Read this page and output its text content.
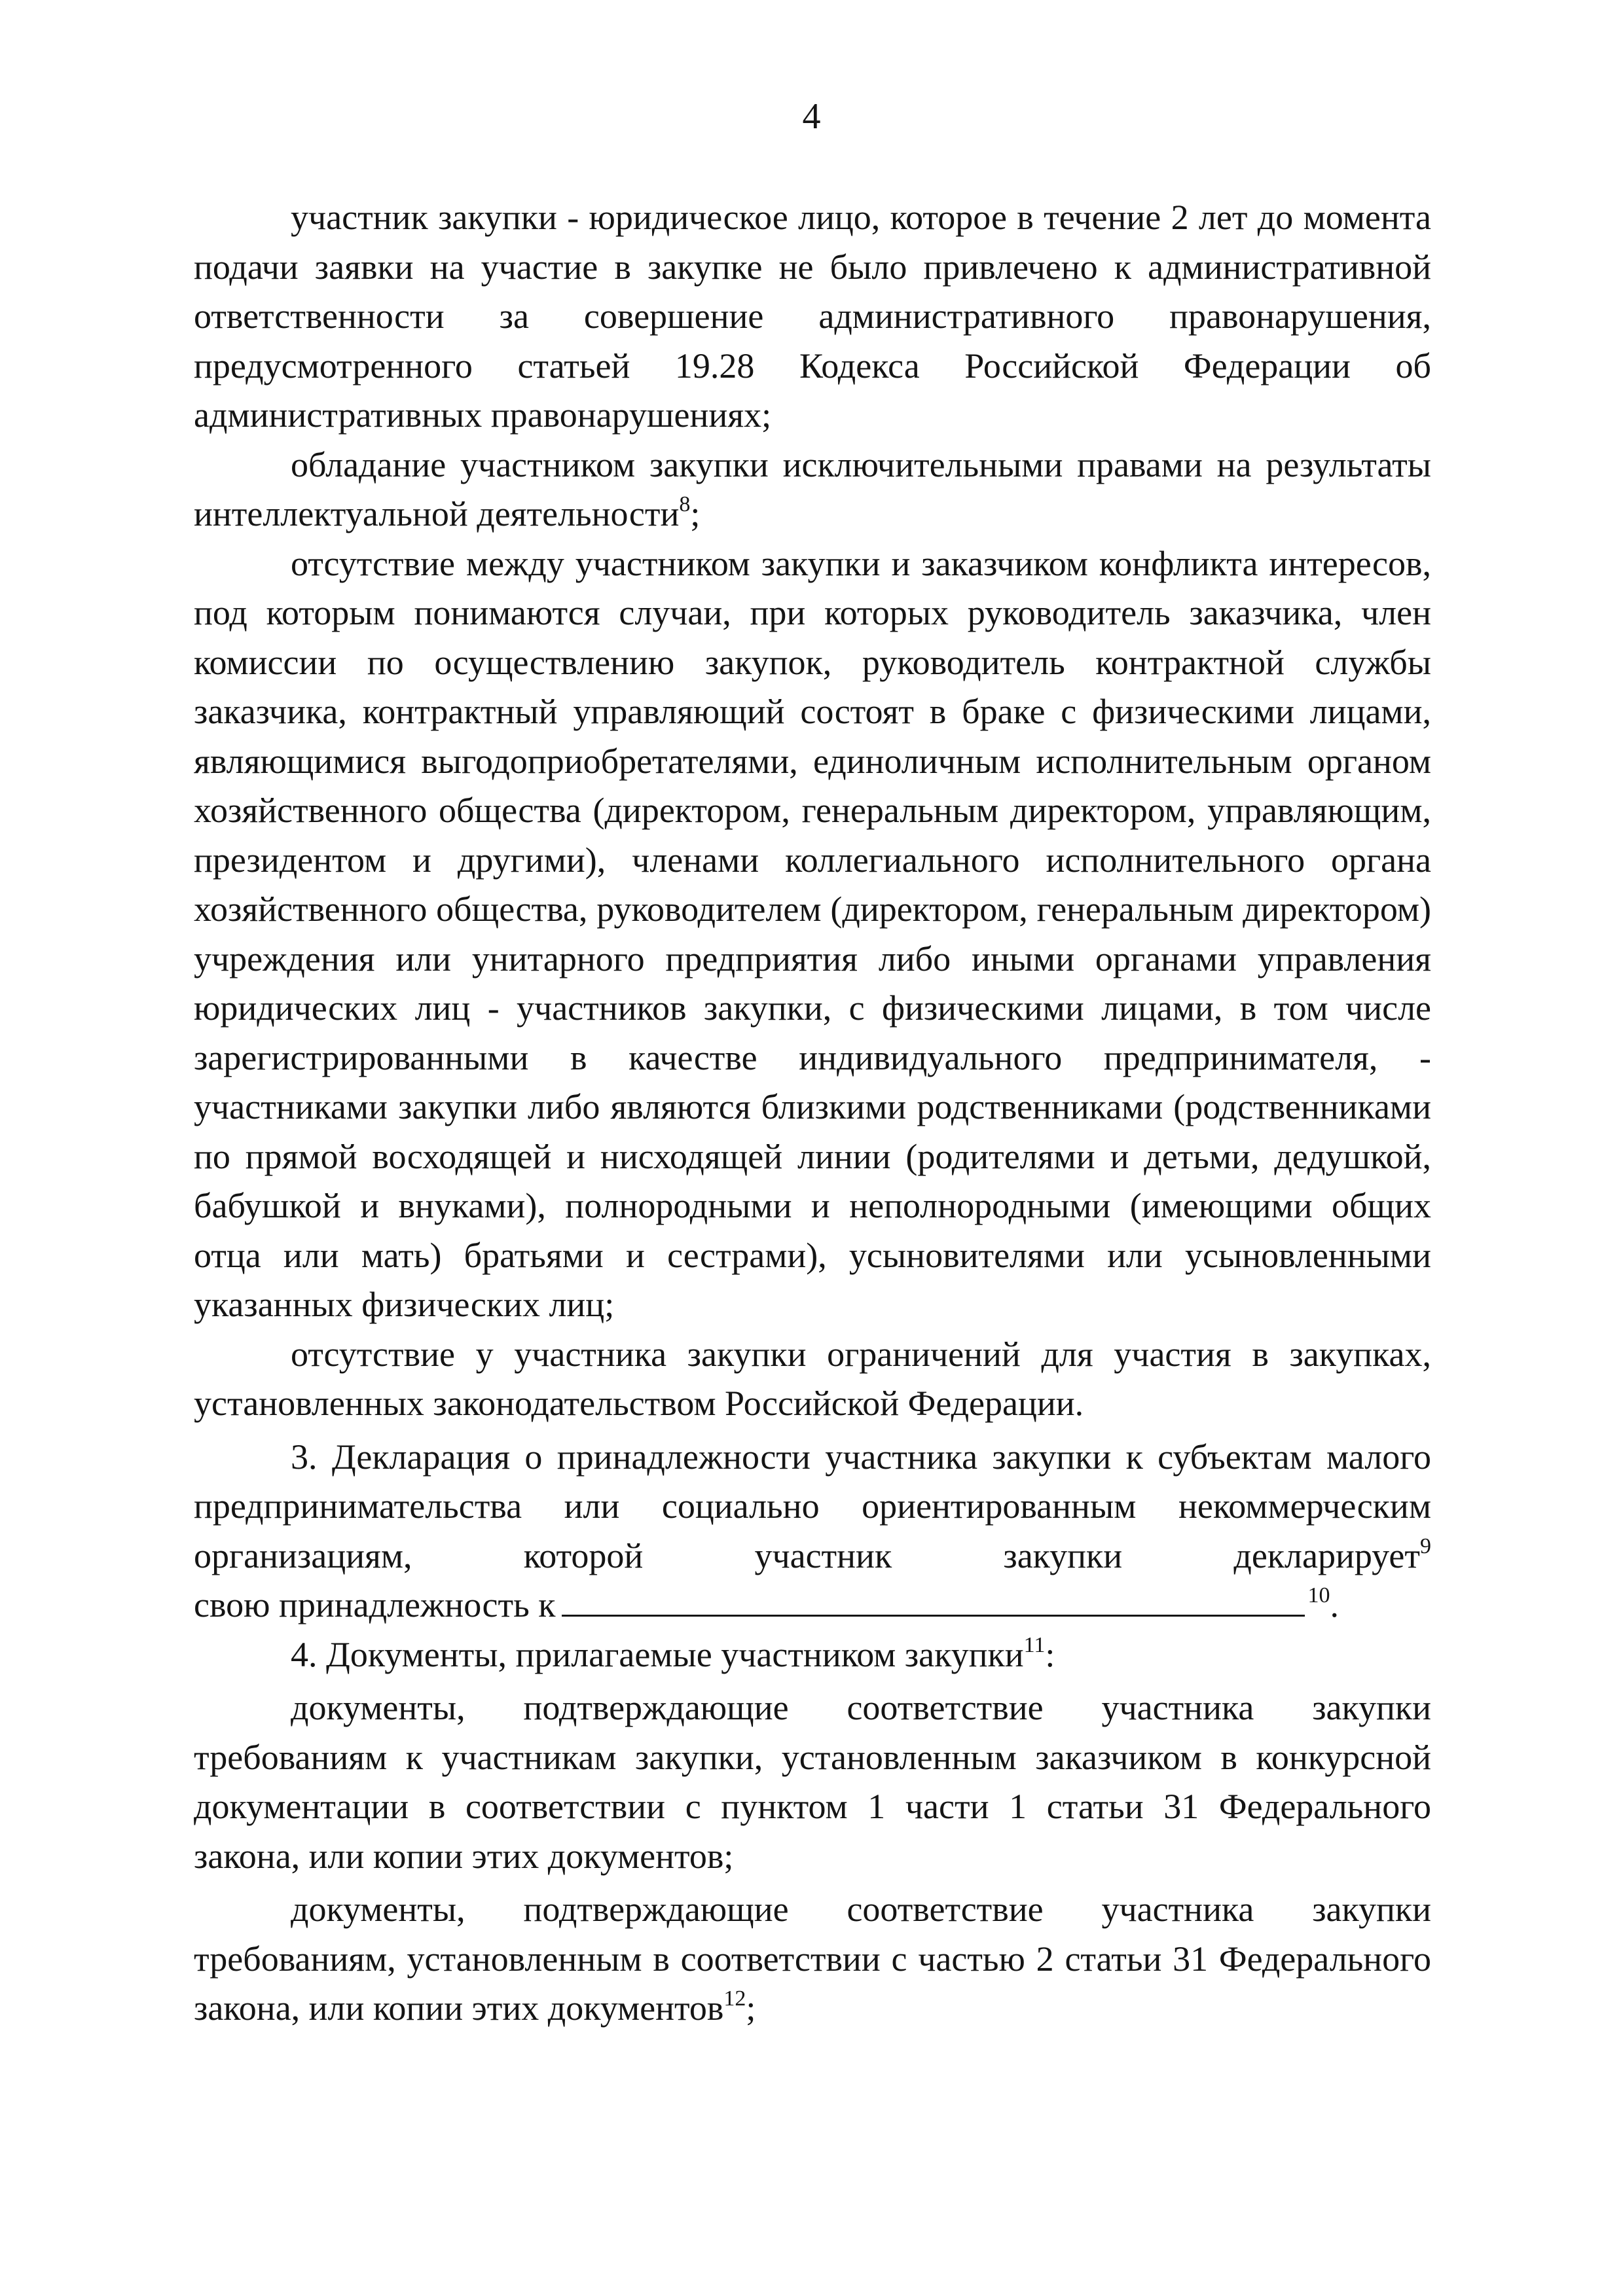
4

участник закупки - юридическое лицо, которое в течение 2 лет до момента подачи заявки на участие в закупке не было привлечено к административной ответственности за совершение административного правонарушения, предусмотренного статьей 19.28 Кодекса Российской Федерации об административных правонарушениях;

обладание участником закупки исключительными правами на результаты интеллектуальной деятельности$^8$;

отсутствие между участником закупки и заказчиком конфликта интересов, под которым понимаются случаи, при которых руководитель заказчика, член комиссии по осуществлению закупок, руководитель контрактной службы заказчика, контрактный управляющий состоят в браке с физическими лицами, являющимися выгодоприобретателями, единоличным исполнительным органом хозяйственного общества (директором, генеральным директором, управляющим, президентом и другими), членами коллегиального исполнительного органа хозяйственного общества, руководителем (директором, генеральным директором) учреждения или унитарного предприятия либо иными органами управления юридических лиц - участников закупки, с физическими лицами, в том числе зарегистрированными в качестве индивидуального предпринимателя, - участниками закупки либо являются близкими родственниками (родственниками по прямой восходящей и нисходящей линии (родителями и детьми, дедушкой, бабушкой и внуками), полнородными и неполнородными (имеющими общих отца или мать) братьями и сестрами), усыновителями или усыновленными указанных физических лиц;

отсутствие у участника закупки ограничений для участия в закупках, установленных законодательством Российской Федерации.

3. Декларация о принадлежности участника закупки к субъектам малого предпринимательства или социально ориентированным некоммерческим организациям, которой участник закупки декларирует$^9$ свою принадлежность к	$^{10}$.

4. Документы, прилагаемые участником закупки$^{11}$:

документы, подтверждающие соответствие участника закупки требованиям к участникам закупки, установленным заказчиком в конкурсной документации в соответствии с пунктом 1 части 1 статьи 31 Федерального закона, или копии этих документов;

документы, подтверждающие соответствие участника закупки требованиям, установленным в соответствии с частью 2 статьи 31 Федерального закона, или копии этих документов$^{12}$;
